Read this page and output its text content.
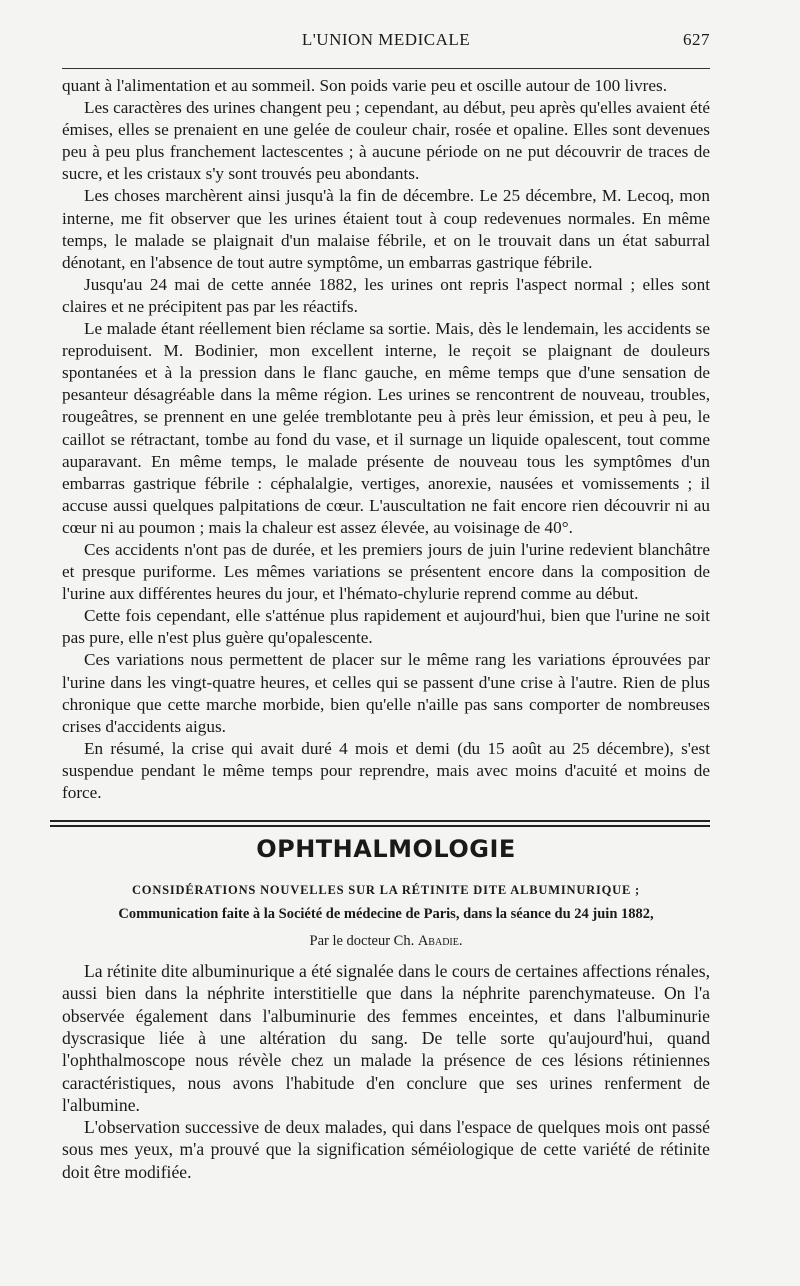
L'UNION MEDICALE	627

quant à l'alimentation et au sommeil. Son poids varie peu et oscille autour de 100 livres.

Les caractères des urines changent peu ; cependant, au début, peu après qu'elles avaient été émises, elles se prenaient en une gelée de couleur chair, rosée et opaline. Elles sont devenues peu à peu plus franchement lactescentes ; à aucune période on ne put découvrir de traces de sucre, et les cristaux s'y sont trouvés peu abondants.

Les choses marchèrent ainsi jusqu'à la fin de décembre. Le 25 décembre, M. Lecoq, mon interne, me fit observer que les urines étaient tout à coup redevenues normales. En même temps, le malade se plaignait d'un malaise fébrile, et on le trouvait dans un état saburral dénotant, en l'absence de tout autre symptôme, un embarras gastrique fébrile.

Jusqu'au 24 mai de cette année 1882, les urines ont repris l'aspect normal ; elles sont claires et ne précipitent pas par les réactifs.

Le malade étant réellement bien réclame sa sortie. Mais, dès le lendemain, les accidents se reproduisent. M. Bodinier, mon excellent interne, le reçoit se plaignant de douleurs spontanées et à la pression dans le flanc gauche, en même temps que d'une sensation de pesanteur désagréable dans la même région. Les urines se rencontrent de nouveau, troubles, rougeâtres, se prennent en une gelée tremblotante peu à près leur émission, et peu à peu, le caillot se rétractant, tombe au fond du vase, et il surnage un liquide opalescent, tout comme auparavant. En même temps, le malade présente de nouveau tous les symptômes d'un embarras gastrique fébrile : céphalalgie, vertiges, anorexie, nausées et vomissements ; il accuse aussi quelques palpitations de cœur. L'auscultation ne fait encore rien découvrir ni au cœur ni au poumon ; mais la chaleur est assez élevée, au voisinage de 40°.

Ces accidents n'ont pas de durée, et les premiers jours de juin l'urine redevient blanchâtre et presque puriforme. Les mêmes variations se présentent encore dans la composition de l'urine aux différentes heures du jour, et l'hémato-chylurie reprend comme au début.

Cette fois cependant, elle s'atténue plus rapidement et aujourd'hui, bien que l'urine ne soit pas pure, elle n'est plus guère qu'opalescente.

Ces variations nous permettent de placer sur le même rang les variations éprouvées par l'urine dans les vingt-quatre heures, et celles qui se passent d'une crise à l'autre. Rien de plus chronique que cette marche morbide, bien qu'elle n'aille pas sans comporter de nombreuses crises d'accidents aigus.

En résumé, la crise qui avait duré 4 mois et demi (du 15 août au 25 décembre), s'est suspendue pendant le même temps pour reprendre, mais avec moins d'acuité et moins de force.

OPHTHALMOLOGIE
CONSIDÉRATIONS NOUVELLES SUR LA RÉTINITE DITE ALBUMINURIQUE ;
Communication faite à la Société de médecine de Paris, dans la séance du 24 juin 1882,
Par le docteur Ch. Abadie.

La rétinite dite albuminurique a été signalée dans le cours de certaines affections rénales, aussi bien dans la néphrite interstitielle que dans la néphrite parenchymateuse. On l'a observée également dans l'albuminurie des femmes enceintes, et dans l'albuminurie dyscrasique liée à une altération du sang. De telle sorte qu'aujourd'hui, quand l'ophthalmoscope nous révèle chez un malade la présence de ces lésions rétiniennes caractéristiques, nous avons l'habitude d'en conclure que ses urines renferment de l'albumine.

L'observation successive de deux malades, qui dans l'espace de quelques mois ont passé sous mes yeux, m'a prouvé que la signification séméiologique de cette variété de rétinite doit être modifiée.
